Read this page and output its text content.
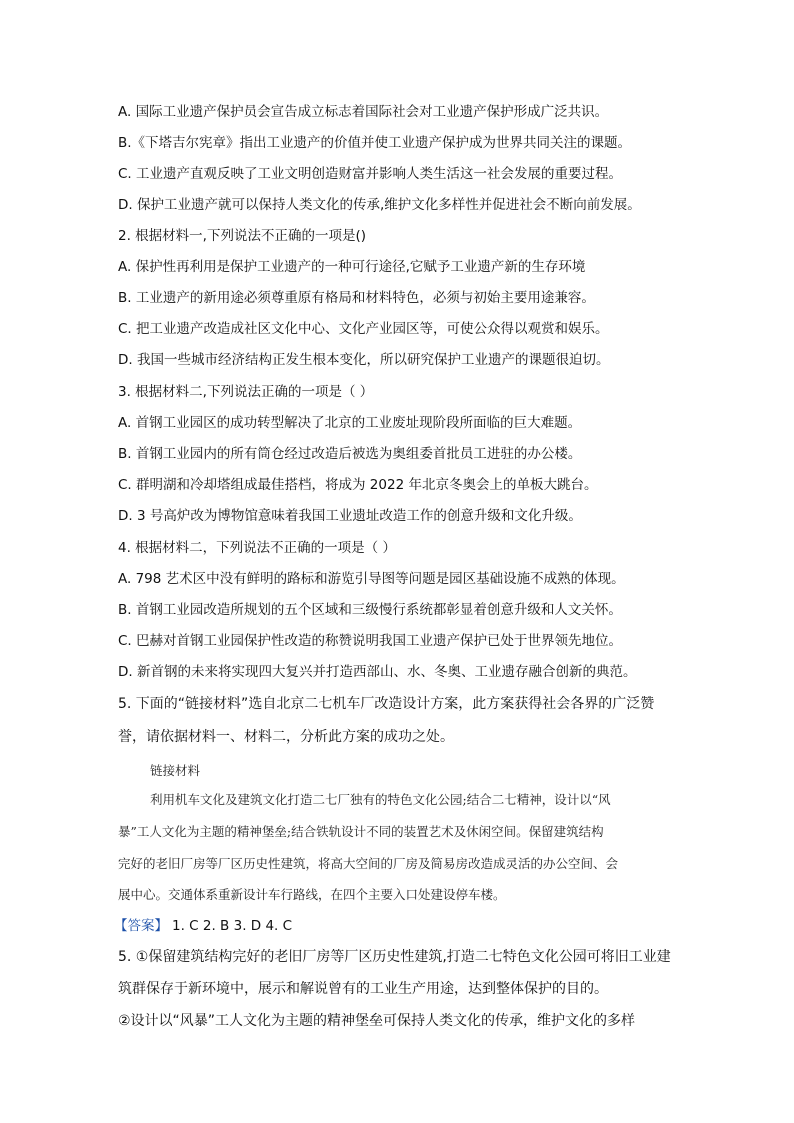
A. 国际工业遗产保护员会宣告成立标志着国际社会对工业遗产保护形成广泛共识。
B.《下塔吉尔宪章》指出工业遗产的价值并使工业遗产保护成为世界共同关注的课题。
C. 工业遗产直观反映了工业文明创造财富并影响人类生活这一社会发展的重要过程。
D. 保护工业遗产就可以保持人类文化的传承,维护文化多样性并促进社会不断向前发展。
2. 根据材料一,下列说法不正确的一项是()
A. 保护性再利用是保护工业遗产的一种可行途径,它赋予工业遗产新的生存环境
B. 工业遗产的新用途必须尊重原有格局和材料特色，必须与初始主要用途兼容。
C. 把工业遗产改造成社区文化中心、文化产业园区等，可使公众得以观赏和娱乐。
D. 我国一些城市经济结构正发生根本变化，所以研究保护工业遗产的课题很迫切。
3. 根据材料二,下列说法正确的一项是（ ）
A. 首钢工业园区的成功转型解决了北京的工业废址现阶段所面临的巨大难题。
B. 首钢工业园内的所有筒仓经过改造后被选为奥组委首批员工进驻的办公楼。
C. 群明湖和冷却塔组成最佳搭档，将成为 2022 年北京冬奥会上的单板大跳台。
D. 3 号高炉改为博物馆意味着我国工业遗址改造工作的创意升级和文化升级。
4. 根据材料二，下列说法不正确的一项是（ ）
A. 798 艺术区中没有鲜明的路标和游览引导图等问题是园区基础设施不成熟的体现。
B. 首钢工业园改造所规划的五个区域和三级慢行系统都彰显着创意升级和人文关怀。
C. 巴赫对首钢工业园保护性改造的称赞说明我国工业遗产保护已处于世界领先地位。
D. 新首钢的未来将实现四大复兴并打造西部山、水、冬奥、工业遗存融合创新的典范。
5. 下面的“链接材料”选自北京二七机车厂改造设计方案，此方案获得社会各界的广泛赞
誉，请依据材料一、材料二，分析此方案的成功之处。
链接材料
利用机车文化及建筑文化打造二七厂独有的特色文化公园;结合二七精神，设计以“风
暴”工人文化为主题的精神堡垒;结合铁轨设计不同的装置艺术及休闲空间。保留建筑结构
完好的老旧厂房等厂区历史性建筑，将高大空间的厂房及简易房改造成灵活的办公空间、会
展中心。交通体系重新设计车行路线，在四个主要入口处建设停车楼。
【答案】 1. C 2. B 3. D 4. C
5. ①保留建筑结构完好的老旧厂房等厂区历史性建筑,打造二七特色文化公园可将旧工业建
筑群保存于新环境中，展示和解说曾有的工业生产用途，达到整体保护的目的。
②设计以“风暴”工人文化为主题的精神堡垒可保持人类文化的传承，维护文化的多样
